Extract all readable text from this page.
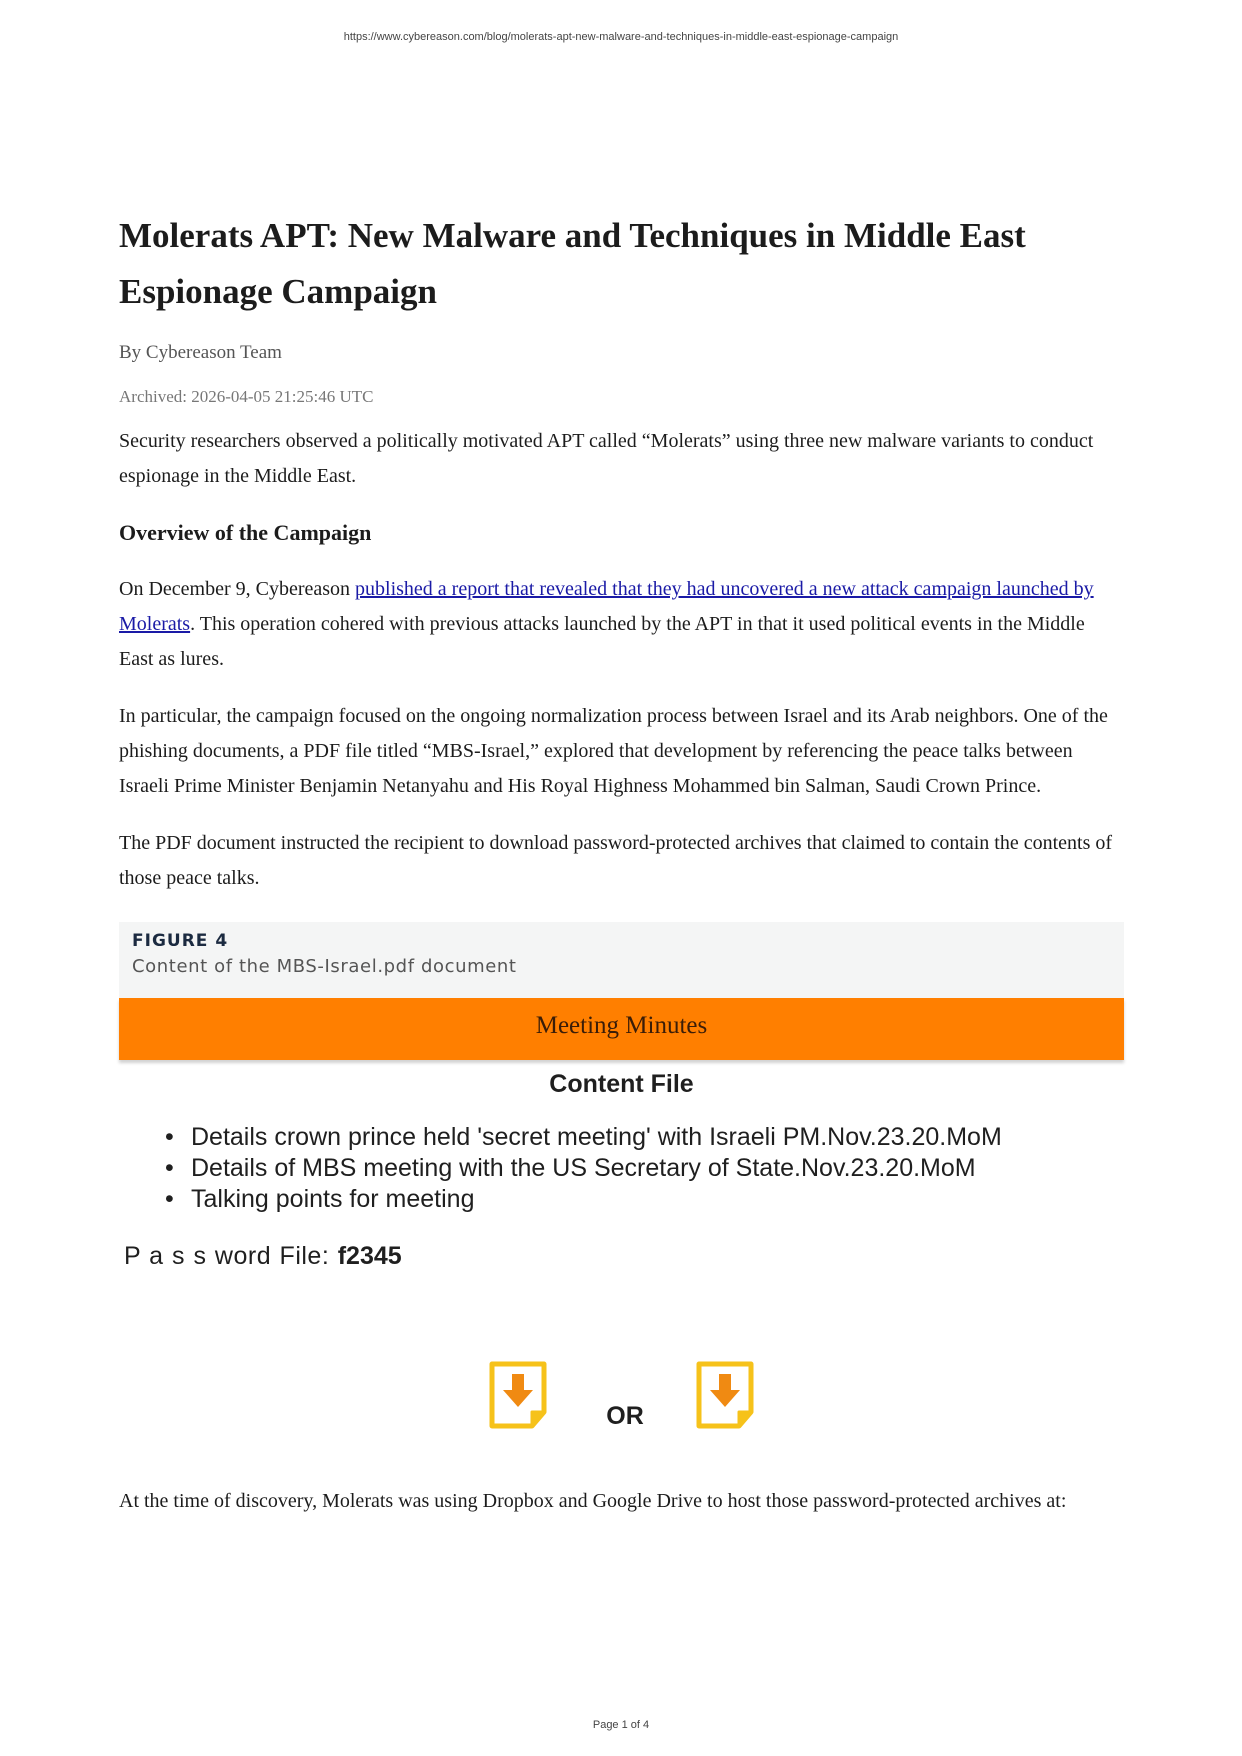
https://www.cybereason.com/blog/molerats-apt-new-malware-and-techniques-in-middle-east-espionage-campaign
Molerats APT: New Malware and Techniques in Middle East Espionage Campaign
By Cybereason Team
Archived: 2026-04-05 21:25:46 UTC

Security researchers observed a politically motivated APT called “Molerats” using three new malware variants to conduct espionage in the Middle East.

Overview of the Campaign

On December 9, Cybereason published a report that revealed that they had uncovered a new attack campaign launched by Molerats. This operation cohered with previous attacks launched by the APT in that it used political events in the Middle East as lures.

In particular, the campaign focused on the ongoing normalization process between Israel and its Arab neighbors. One of the phishing documents, a PDF file titled “MBS-Israel,” explored that development by referencing the peace talks between Israeli Prime Minister Benjamin Netanyahu and His Royal Highness Mohammed bin Salman, Saudi Crown Prince.

The PDF document instructed the recipient to download password-protected archives that claimed to contain the contents of those peace talks.

FIGURE 4
Content of the MBS-Israel.pdf document
Meeting Minutes
Content File
• Details crown prince held 'secret meeting' with Israeli PM.Nov.23.20.MoM
• Details of MBS meeting with the US Secretary of State.Nov.23.20.MoM
• Talking points for meeting
P a s s word File: f2345
OR

At the time of discovery, Molerats was using Dropbox and Google Drive to host those password-protected archives at:

Page 1 of 4
